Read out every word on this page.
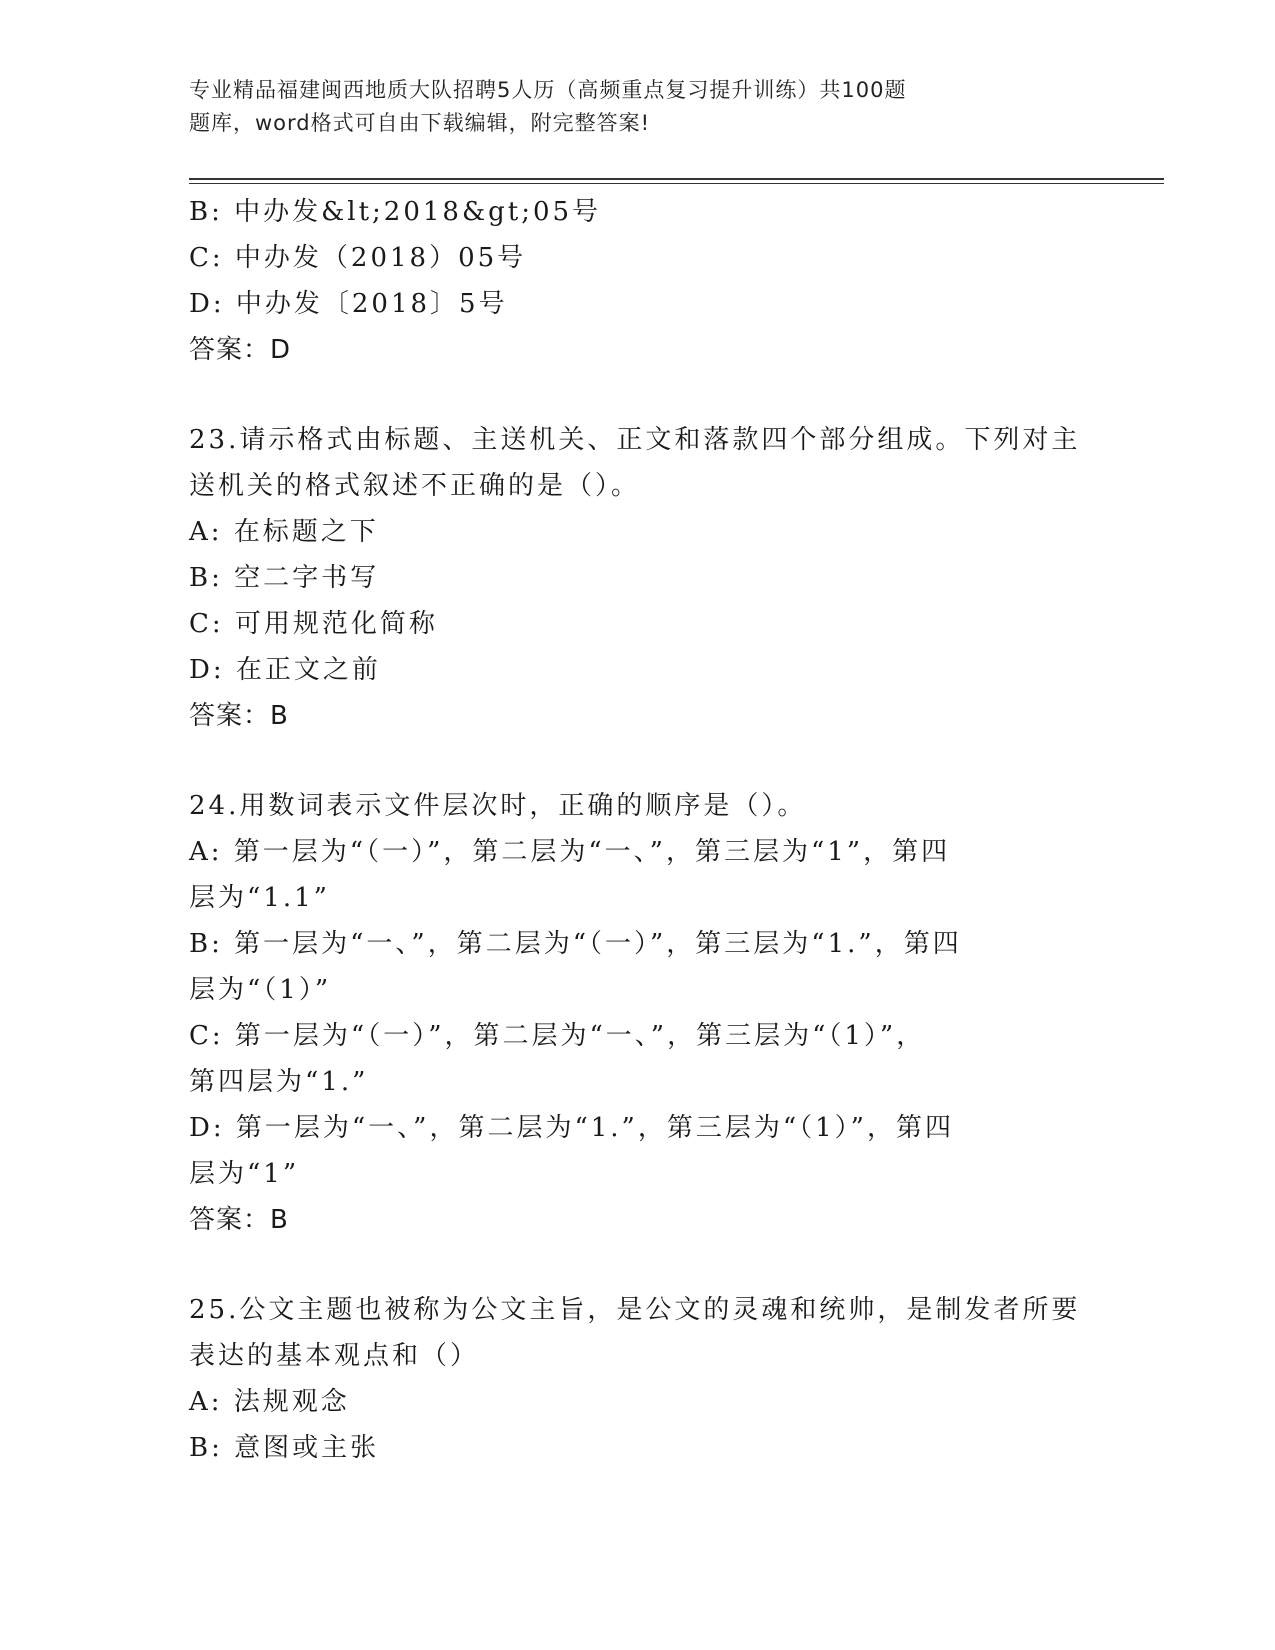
专业精品福建闽西地质大队招聘5人历（高频重点复习提升训练）共100题
题库，word格式可自由下载编辑，附完整答案!
B: 中办发&lt;2018&gt;05号
C: 中办发（2018）05号
D: 中办发〔2018〕5号
答案：D
23.请示格式由标题、主送机关、正文和落款四个部分组成。下列对主
送机关的格式叙述不正确的是（）。
A: 在标题之下
B: 空二字书写
C: 可用规范化简称
D: 在正文之前
答案：B
24.用数词表示文件层次时，正确的顺序是（）。
A: 第一层为“（一）”，第二层为“一、”，第三层为“1”，第四
层为“1.1”
B: 第一层为“一、”，第二层为“（一）”，第三层为“1.”，第四
层为“（1）”
C: 第一层为“（一）”，第二层为“一、”，第三层为“（1）”，
第四层为“1.”
D: 第一层为“一、”，第二层为“1.”，第三层为“（1）”，第四
层为“1”
答案：B
25.公文主题也被称为公文主旨，是公文的灵魂和统帅，是制发者所要
表达的基本观点和（）
A: 法规观念
B: 意图或主张
